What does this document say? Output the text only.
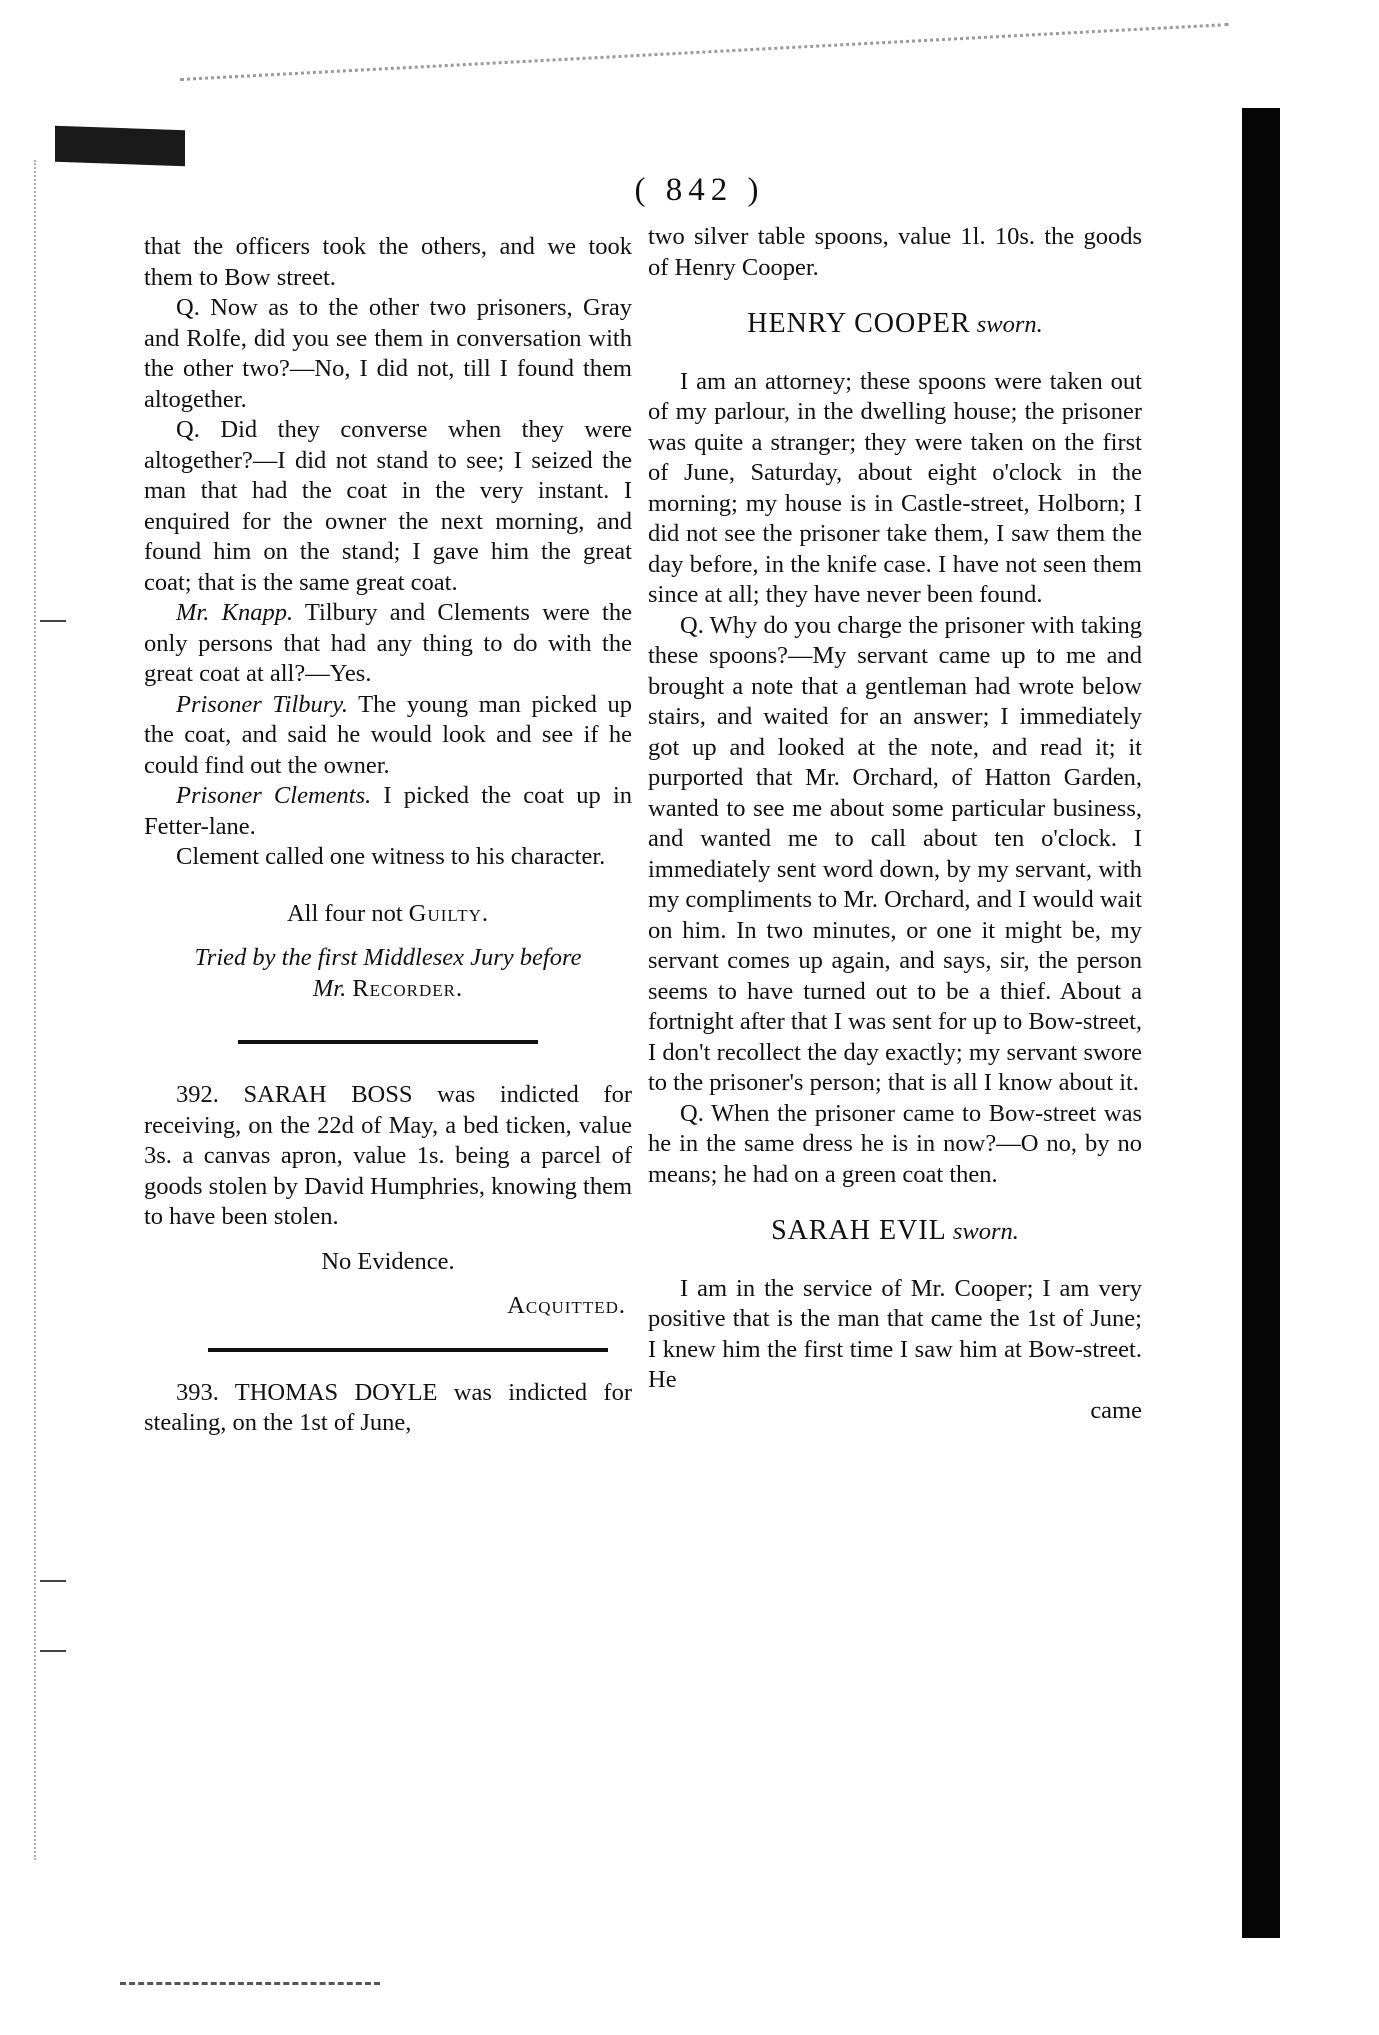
( 842 )

that the officers took the others, and we took them to Bow street.

Q. Now as to the other two prisoners, Gray and Rolfe, did you see them in conversation with the other two?—No, I did not, till I found them altogether.

Q. Did they converse when they were altogether?—I did not stand to see; I seized the man that had the coat in the very instant. I enquired for the owner the next morning, and found him on the stand; I gave him the great coat; that is the same great coat.

Mr. Knapp. Tilbury and Clements were the only persons that had any thing to do with the great coat at all?—Yes.

Prisoner Tilbury. The young man picked up the coat, and said he would look and see if he could find out the owner.

Prisoner Clements. I picked the coat up in Fetter-lane.

Clement called one witness to his character.

All four not Guilty.

Tried by the first Middlesex Jury before

Mr. Recorder.

392. SARAH BOSS was indicted for receiving, on the 22d of May, a bed ticken, value 3s. a canvas apron, value 1s. being a parcel of goods stolen by David Humphries, knowing them to have been stolen.

No Evidence.

Acquitted.

393. THOMAS DOYLE was indicted for stealing, on the 1st of June,

two silver table spoons, value 1l. 10s. the goods of Henry Cooper.

HENRY COOPER sworn.

I am an attorney; these spoons were taken out of my parlour, in the dwelling house; the prisoner was quite a stranger; they were taken on the first of June, Saturday, about eight o'clock in the morning; my house is in Castle-street, Holborn; I did not see the prisoner take them, I saw them the day before, in the knife case. I have not seen them since at all; they have never been found.

Q. Why do you charge the prisoner with taking these spoons?—My servant came up to me and brought a note that a gentleman had wrote below stairs, and waited for an answer; I immediately got up and looked at the note, and read it; it purported that Mr. Orchard, of Hatton Garden, wanted to see me about some particular business, and wanted me to call about ten o'clock. I immediately sent word down, by my servant, with my compliments to Mr. Orchard, and I would wait on him. In two minutes, or one it might be, my servant comes up again, and says, sir, the person seems to have turned out to be a thief. About a fortnight after that I was sent for up to Bow-street, I don't recollect the day exactly; my servant swore to the prisoner's person; that is all I know about it.

Q. When the prisoner came to Bow-street was he in the same dress he is in now?—O no, by no means; he had on a green coat then.

SARAH EVIL sworn.

I am in the service of Mr. Cooper; I am very positive that is the man that came the 1st of June; I knew him the first time I saw him at Bow-street. He

came
